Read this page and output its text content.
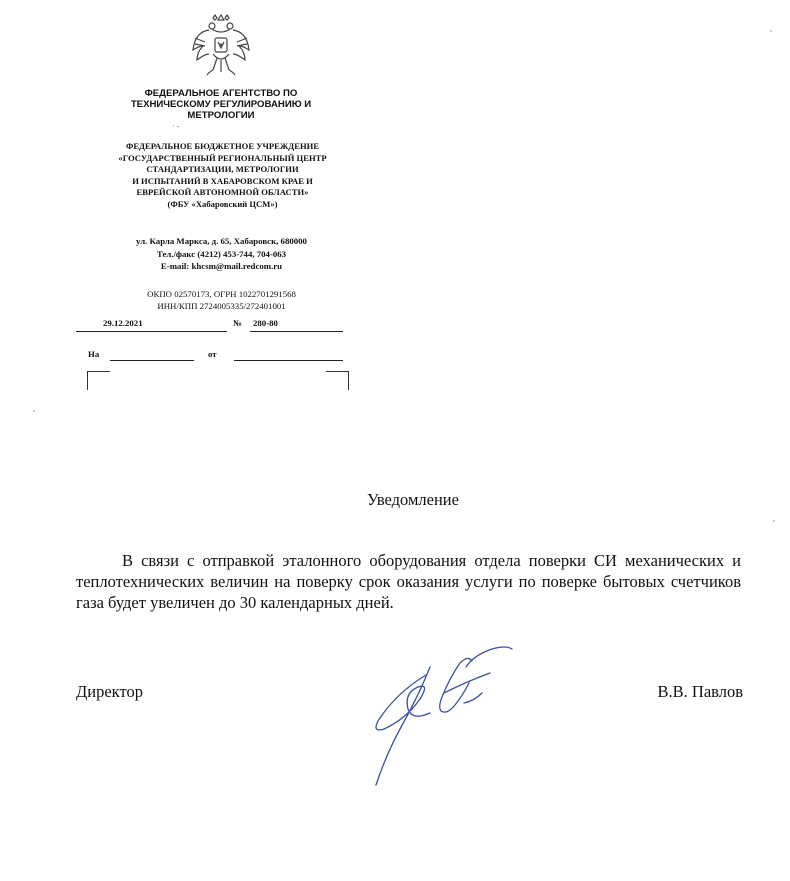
ФЕДЕРАЛЬНОЕ АГЕНТСТВО ПО
ТЕХНИЧЕСКОМУ РЕГУЛИРОВАНИЮ И
МЕТРОЛОГИИ
· -
ФЕДЕРАЛЬНОЕ БЮДЖЕТНОЕ УЧРЕЖДЕНИЕ
«ГОСУДАРСТВЕННЫЙ РЕГИОНАЛЬНЫЙ ЦЕНТР
СТАНДАРТИЗАЦИИ, МЕТРОЛОГИИ
И ИСПЫТАНИЙ В ХАБАРОВСКОМ КРАЕ И
ЕВРЕЙСКОЙ АВТОНОМНОЙ ОБЛАСТИ»
(ФБУ «Хабаровский ЦСМ»)
ул. Карла Маркса, д. 65, Хабаровск, 680000
Тел./факс (4212) 453-744, 704-063
E-mail: khcsm@mail.redcom.ru
ОКПО 02570173, ОГРН 1022701291568
ИНН/КПП 2724005335/272401001
29.12.2021	№ 280-80
На	от
Уведомление
В связи с отправкой эталонного оборудования отдела поверки СИ механических и теплотехнических величин на поверку срок оказания услуги по поверке бытовых счетчиков газа будет увеличен до 30 календарных дней.
Директор	В.В. Павлов
